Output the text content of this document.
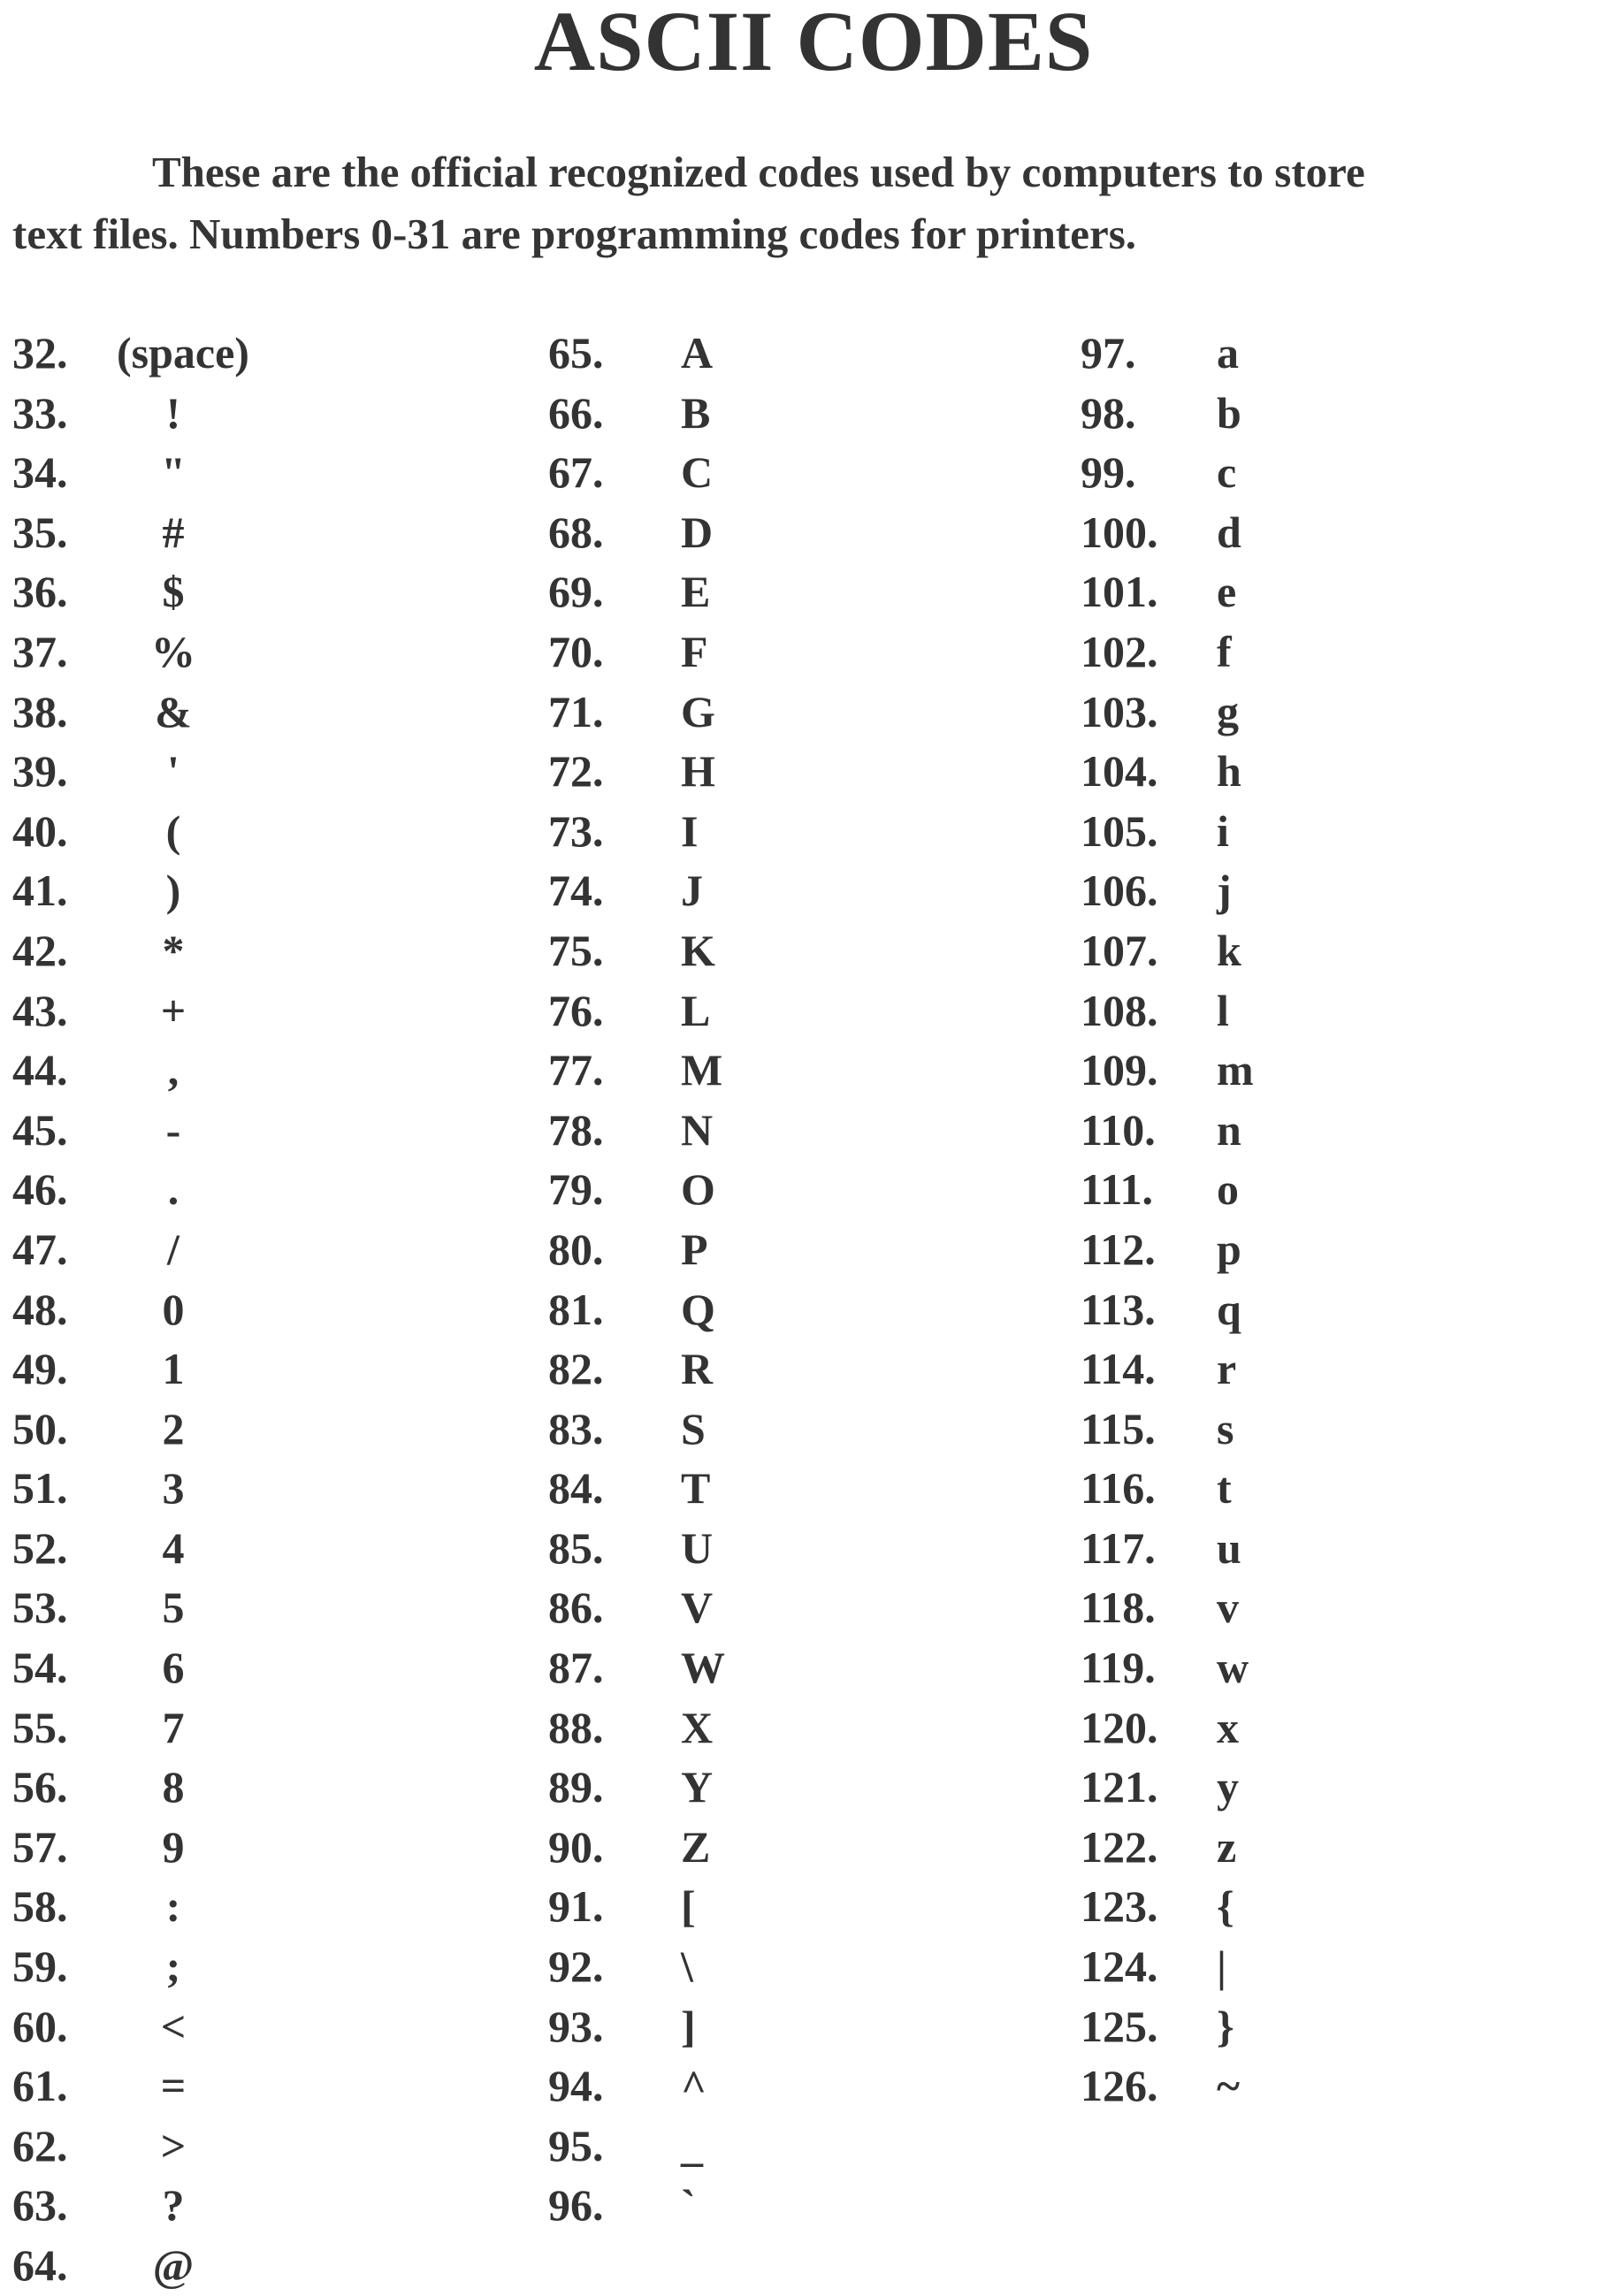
ASCII CODES

These are the official recognized codes used by computers to store

text files. Numbers 0-31 are programming codes for printers.

32. (space)
33. !
34. "
35. #
36. $
37. %
38. &
39. '
40. (
41. )
42. *
43. +
44. ,
45. -
46. .
47. /
48. 0
49. 1
50. 2
51. 3
52. 4
53. 5
54. 6
55. 7
56. 8
57. 9
58. :
59. ;
60. <
61. =
62. >
63. ?
64. @
65. A
66. B
67. C
68. D
69. E
70. F
71. G
72. H
73. I
74. J
75. K
76. L
77. M
78. N
79. O
80. P
81. Q
82. R
83. S
84. T
85. U
86. V
87. W
88. X
89. Y
90. Z
91. [
92. \
93. ]
94. ^
95. _
96. `
97. a
98. b
99. c
100. d
101. e
102. f
103. g
104. h
105. i
106. j
107. k
108. l
109. m
110. n
111. o
112. p
113. q
114. r
115. s
116. t
117. u
118. v
119. w
120. x
121. y
122. z
123. {
124. |
125. }
126. ~
